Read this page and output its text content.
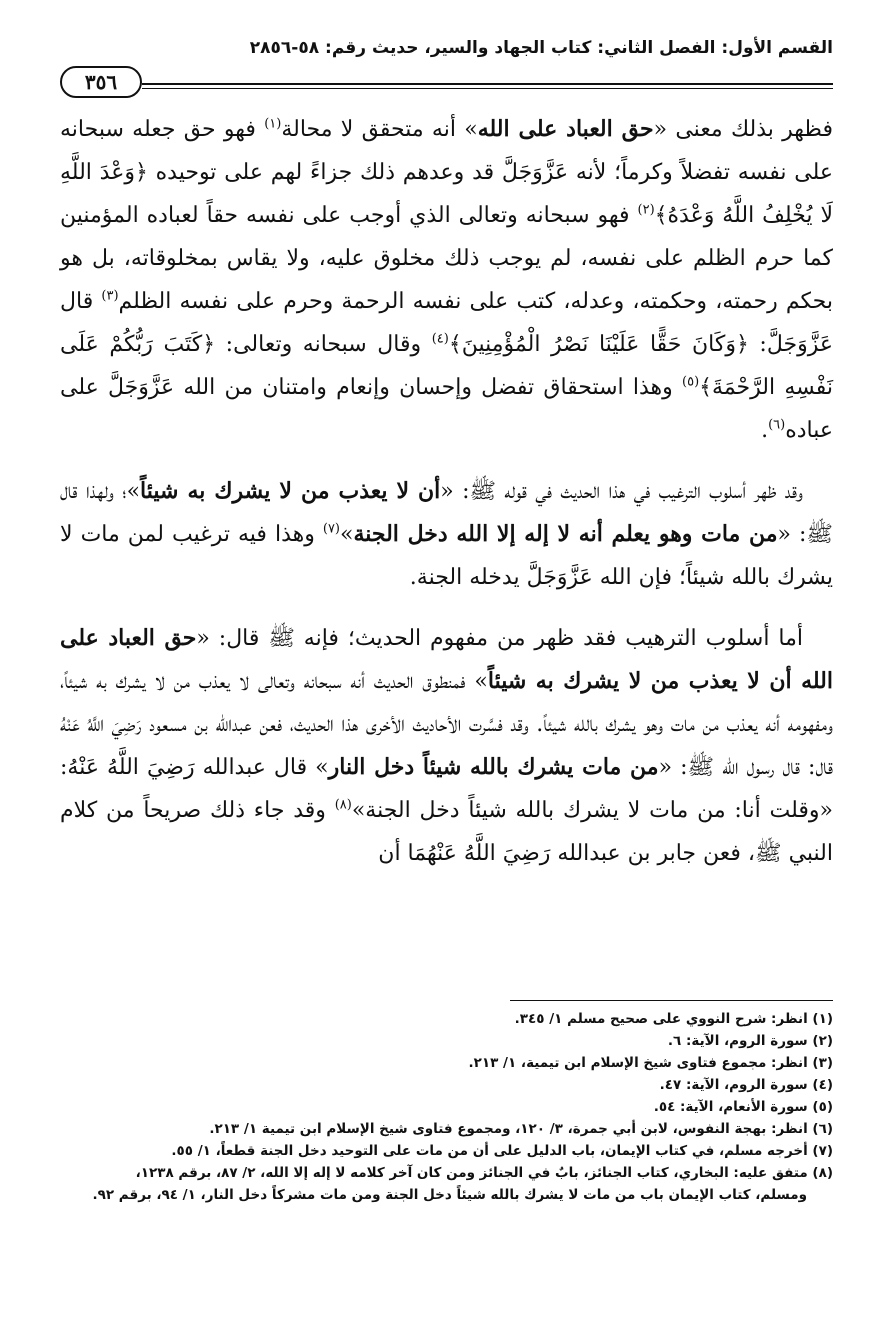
القسم الأول: الفصل الثاني: كتاب الجهاد والسير، حديث رقم: ٥٨-٢٨٥٦
٣٥٦

فظهر بذلك معنى «حق العباد على الله» أنه متحقق لا محالة$^{(١)}$ فهو حق جعله سبحانه على نفسه تفضلاً وكرماً؛ لأنه عَزَّوَجَلَّ قد وعدهم ذلك جزاءً لهم على توحيده ﴿وَعْدَ اللَّهِ لَا يُخْلِفُ اللَّهُ وَعْدَهُ﴾$^{(٢)}$ فهو سبحانه وتعالى الذي أوجب على نفسه حقاً لعباده المؤمنين كما حرم الظلم على نفسه، لم يوجب ذلك مخلوق عليه، ولا يقاس بمخلوقاته، بل هو بحكم رحمته، وحكمته، وعدله، كتب على نفسه الرحمة وحرم على نفسه الظلم$^{(٣)}$ قال عَزَّوَجَلَّ: ﴿وَكَانَ حَقًّا عَلَيْنَا نَصْرُ الْمُؤْمِنِينَ﴾$^{(٤)}$ وقال سبحانه وتعالى: ﴿كَتَبَ رَبُّكُمْ عَلَى نَفْسِهِ الرَّحْمَةَ﴾$^{(٥)}$ وهذا استحقاق تفضل وإحسان وإنعام وامتنان من الله عَزَّوَجَلَّ على عباده$^{(٦)}$.

وقد ظهر أسلوب الترغيب في هذا الحديث في قوله ﷺ: «أن لا يعذب من لا يشرك به شيئاً»؛ ولهذا قال ﷺ: «من مات وهو يعلم أنه لا إله إلا الله دخل الجنة»$^{(٧)}$ وهذا فيه ترغيب لمن مات لا يشرك بالله شيئاً؛ فإن الله عَزَّوَجَلَّ يدخله الجنة.

أما أسلوب الترهيب فقد ظهر من مفهوم الحديث؛ فإنه ﷺ قال: «حق العباد على الله أن لا يعذب من لا يشرك به شيئاً» فمنطوق الحديث أنه سبحانه وتعالى لا يعذب من لا يشرك به شيئاً، ومفهومه أنه يعذب من مات وهو يشرك بالله شيئاً. وقد فسَّرت الأحاديث الأخرى هذا الحديث، فعن عبدالله بن مسعود رَضِيَ اللَّهُ عَنْهُ قال: قال رسول الله ﷺ: «من مات يشرك بالله شيئاً دخل النار» قال عبدالله رَضِيَ اللَّهُ عَنْهُ: «وقلت أنا: من مات لا يشرك بالله شيئاً دخل الجنة»$^{(٨)}$ وقد جاء ذلك صريحاً من كلام النبي ﷺ، فعن جابر بن عبدالله رَضِيَ اللَّهُ عَنْهُمَا أن

(١) انظر: شرح النووي على صحيح مسلم ١/ ٣٤٥.
(٢) سورة الروم، الآية: ٦.
(٣) انظر: مجموع فتاوى شيخ الإسلام ابن تيمية، ١/ ٢١٣.
(٤) سورة الروم، الآية: ٤٧.
(٥) سورة الأنعام، الآية: ٥٤.
(٦) انظر: بهجة النفوس، لابن أبي جمرة، ٣/ ١٢٠، ومجموع فتاوى شيخ الإسلام ابن تيمية ١/ ٢١٣.
(٧) أخرجه مسلم، في كتاب الإيمان، باب الدليل على أن من مات على التوحيد دخل الجنة قطعاً، ١/ ٥٥.
(٨) متفق عليه: البخاري، كتاب الجنائز، بابٌ في الجنائز ومن كان آخر كلامه لا إله إلا الله، ٢/ ٨٧، برقم ١٢٣٨،
ومسلم، كتاب الإيمان باب من مات لا يشرك بالله شيئاً دخل الجنة ومن مات مشركاً دخل النار، ١/ ٩٤، برقم ٩٢.
